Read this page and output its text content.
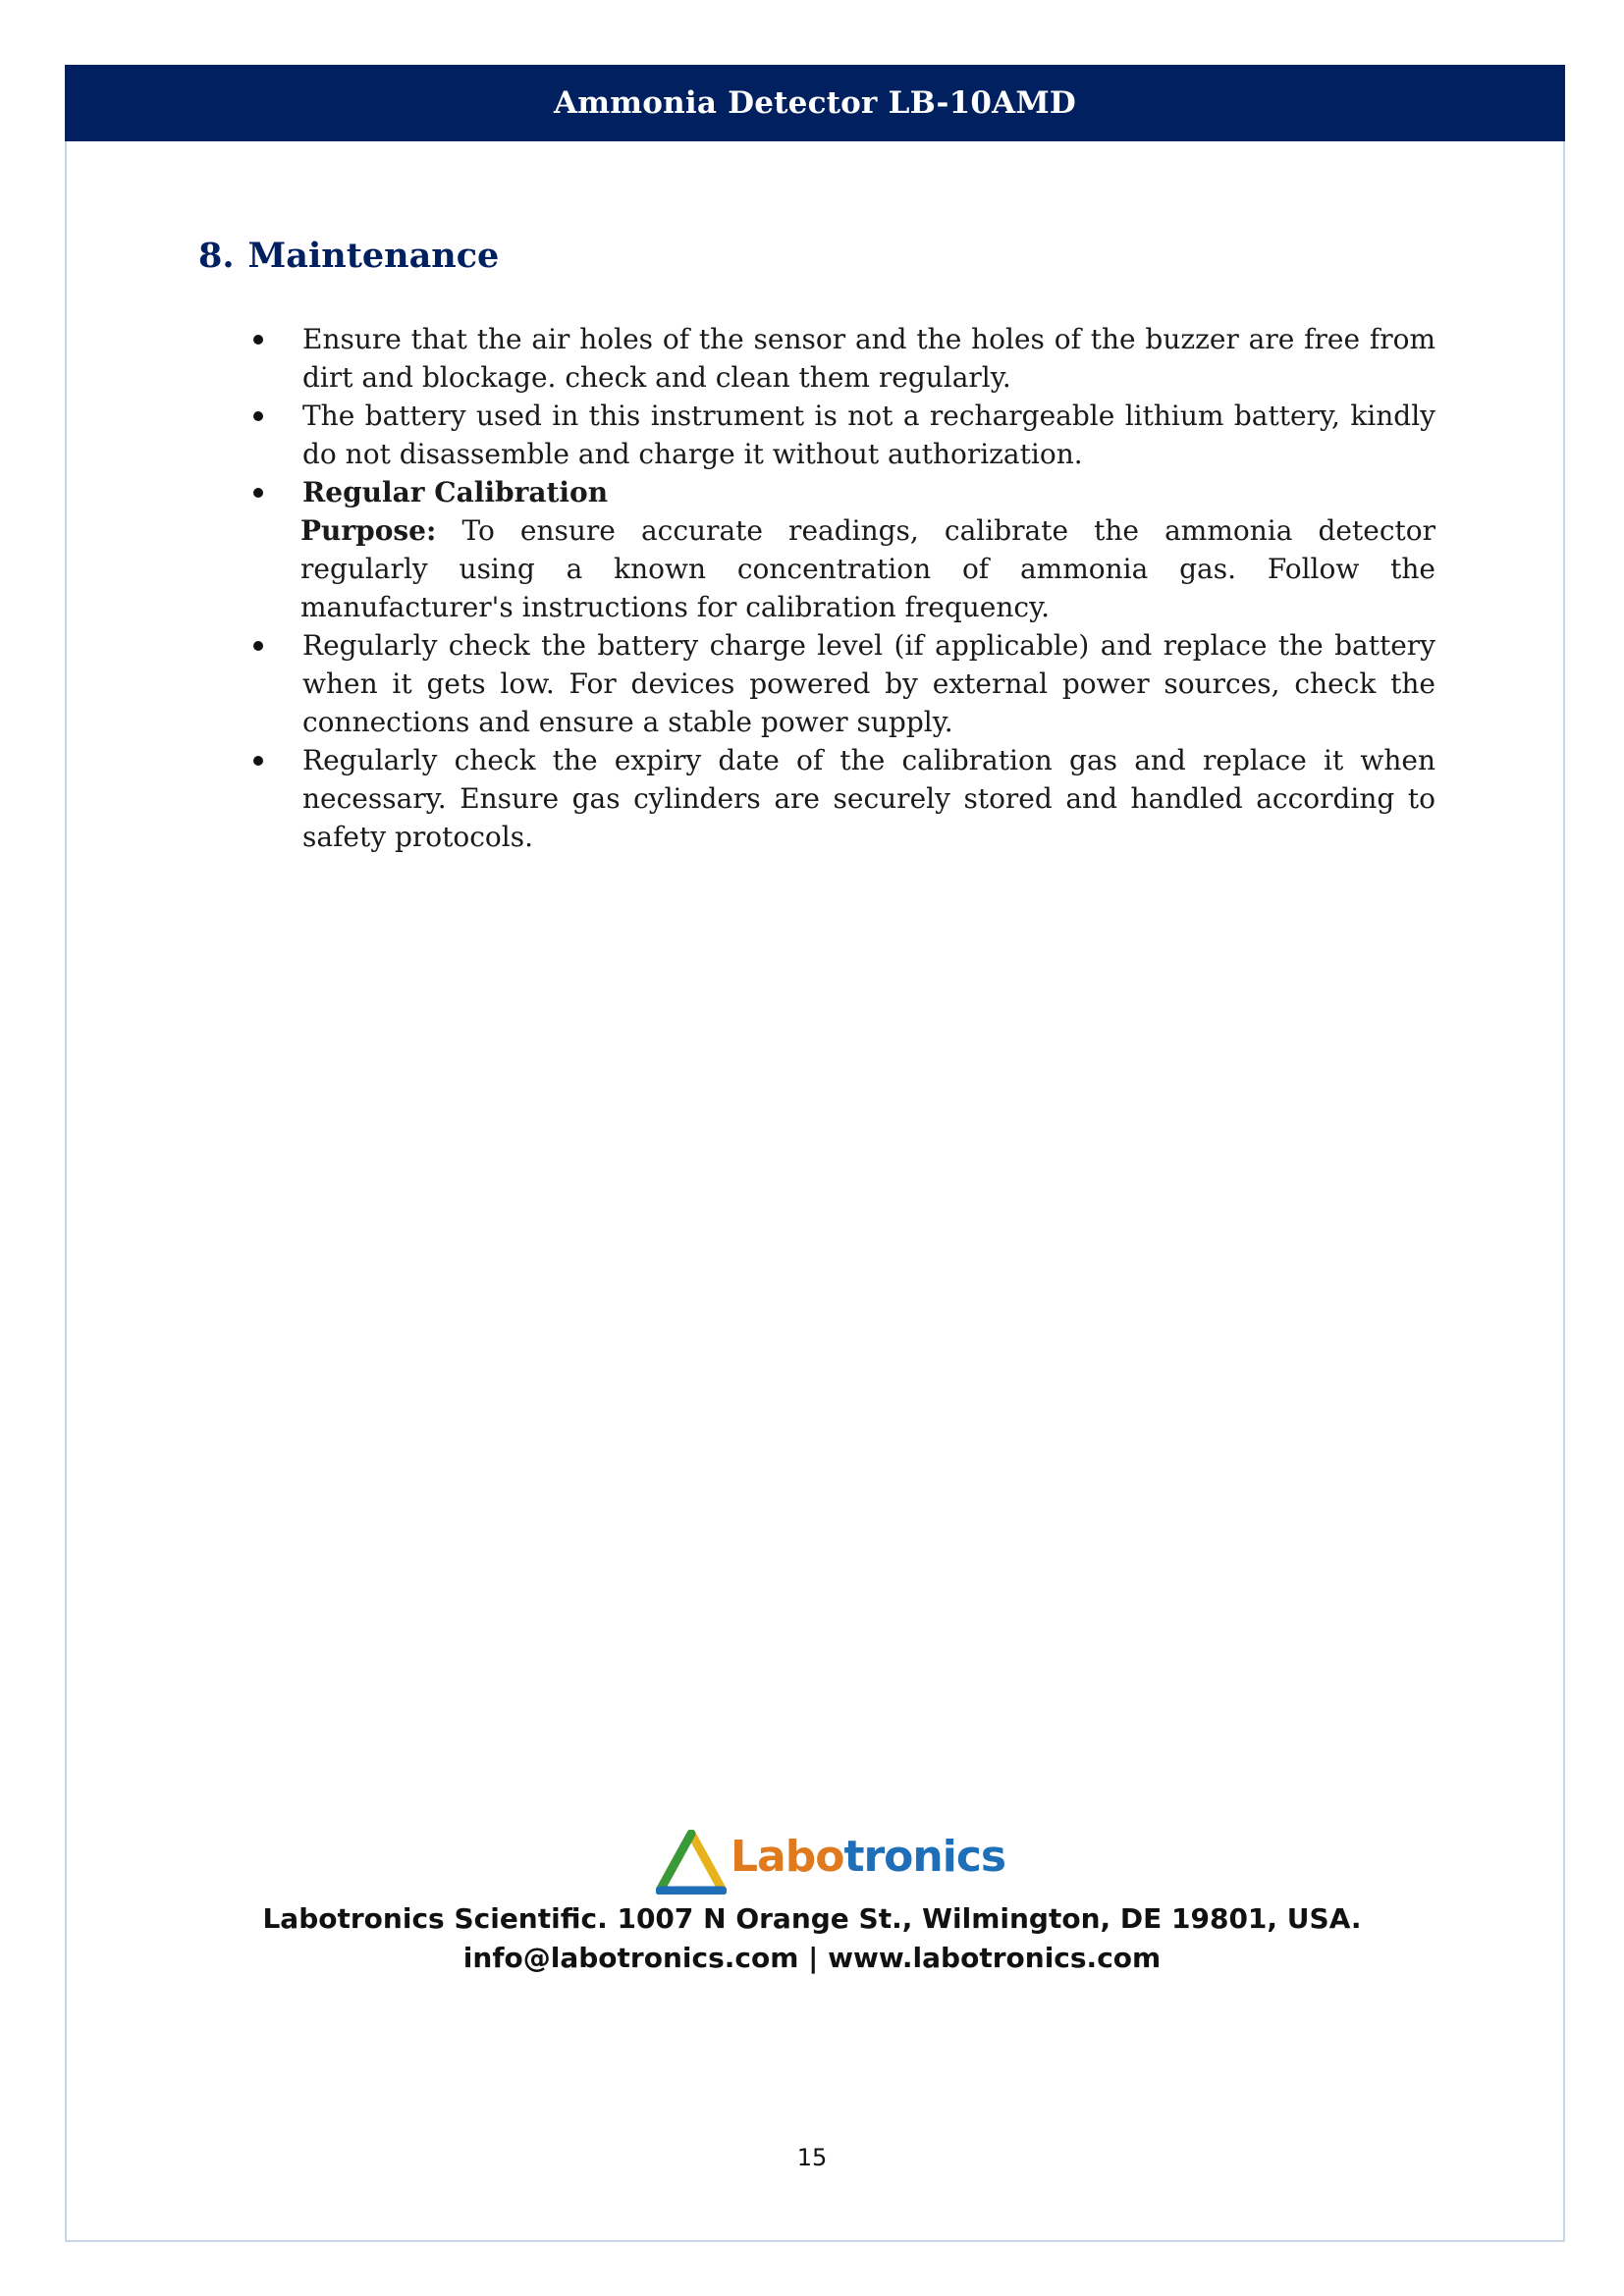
Ammonia Detector LB-10AMD
8. Maintenance
Ensure that the air holes of the sensor and the holes of the buzzer are free from dirt and blockage. check and clean them regularly.
The battery used in this instrument is not a rechargeable lithium battery, kindly do not disassemble and charge it without authorization.
Regular Calibration
Purpose: To ensure accurate readings, calibrate the ammonia detector regularly using a known concentration of ammonia gas. Follow the manufacturer's instructions for calibration frequency.
Regularly check the battery charge level (if applicable) and replace the battery when it gets low. For devices powered by external power sources, check the connections and ensure a stable power supply.
Regularly check the expiry date of the calibration gas and replace it when necessary. Ensure gas cylinders are securely stored and handled according to safety protocols.
Labotronics
Labotronics Scientific. 1007 N Orange St., Wilmington, DE 19801, USA.
info@labotronics.com | www.labotronics.com
15
